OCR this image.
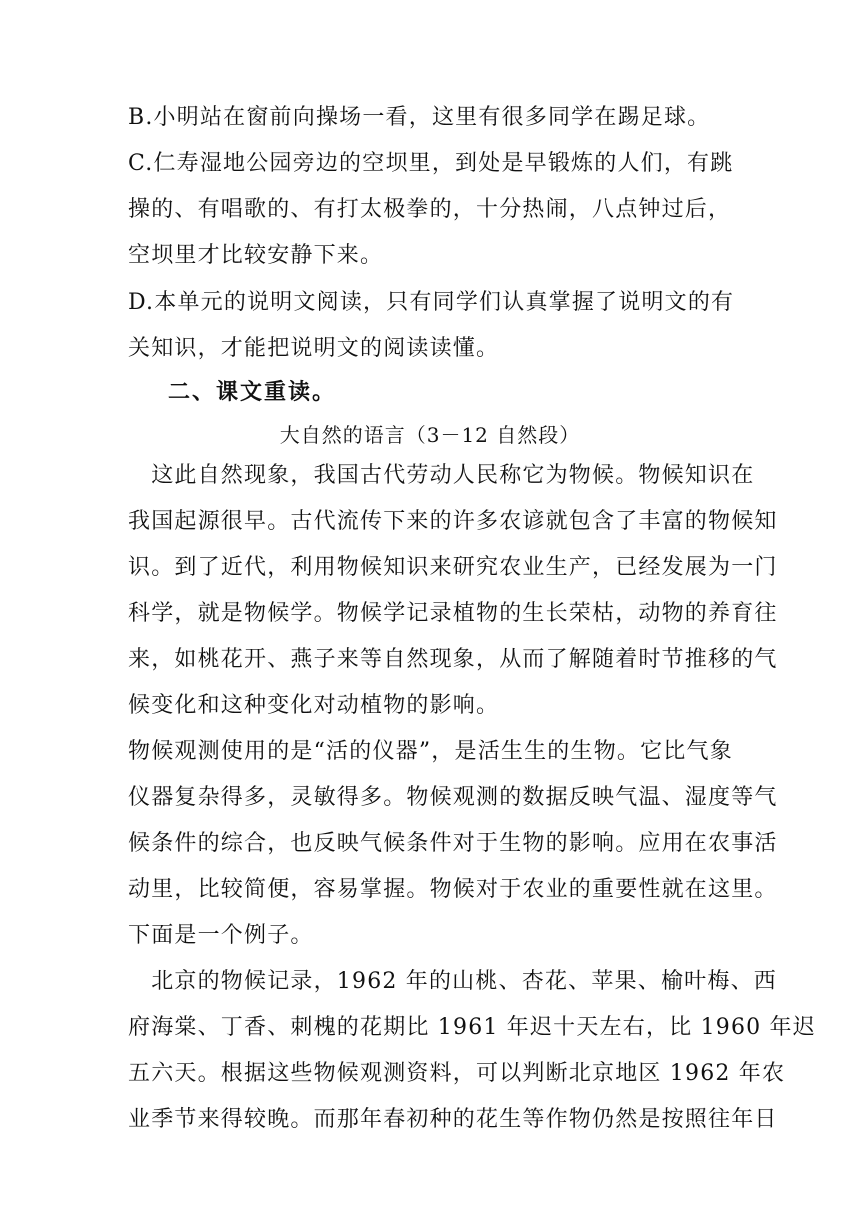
B.小明站在窗前向操场一看，这里有很多同学在踢足球。
C.仁寿湿地公园旁边的空坝里，到处是早锻炼的人们，有跳
操的、有唱歌的、有打太极拳的，十分热闹，八点钟过后，
空坝里才比较安静下来。
D.本单元的说明文阅读，只有同学们认真掌握了说明文的有
关知识，才能把说明文的阅读读懂。
二、课文重读。
大自然的语言（3－12 自然段）
　这此自然现象，我国古代劳动人民称它为物候。物候知识在
我国起源很早。古代流传下来的许多农谚就包含了丰富的物候知
识。到了近代，利用物候知识来研究农业生产，已经发展为一门
科学，就是物候学。物候学记录植物的生长荣枯，动物的养育往
来，如桃花开、燕子来等自然现象，从而了解随着时节推移的气
候变化和这种变化对动植物的影响。
物候观测使用的是“活的仪器”，是活生生的生物。它比气象
仪器复杂得多，灵敏得多。物候观测的数据反映气温、湿度等气
候条件的综合，也反映气候条件对于生物的影响。应用在农事活
动里，比较简便，容易掌握。物候对于农业的重要性就在这里。
下面是一个例子。
　北京的物候记录，1962 年的山桃、杏花、苹果、榆叶梅、西
府海棠、丁香、刺槐的花期比 1961 年迟十天左右，比 1960 年迟
五六天。根据这些物候观测资料，可以判断北京地区 1962 年农
业季节来得较晚。而那年春初种的花生等作物仍然是按照往年日
